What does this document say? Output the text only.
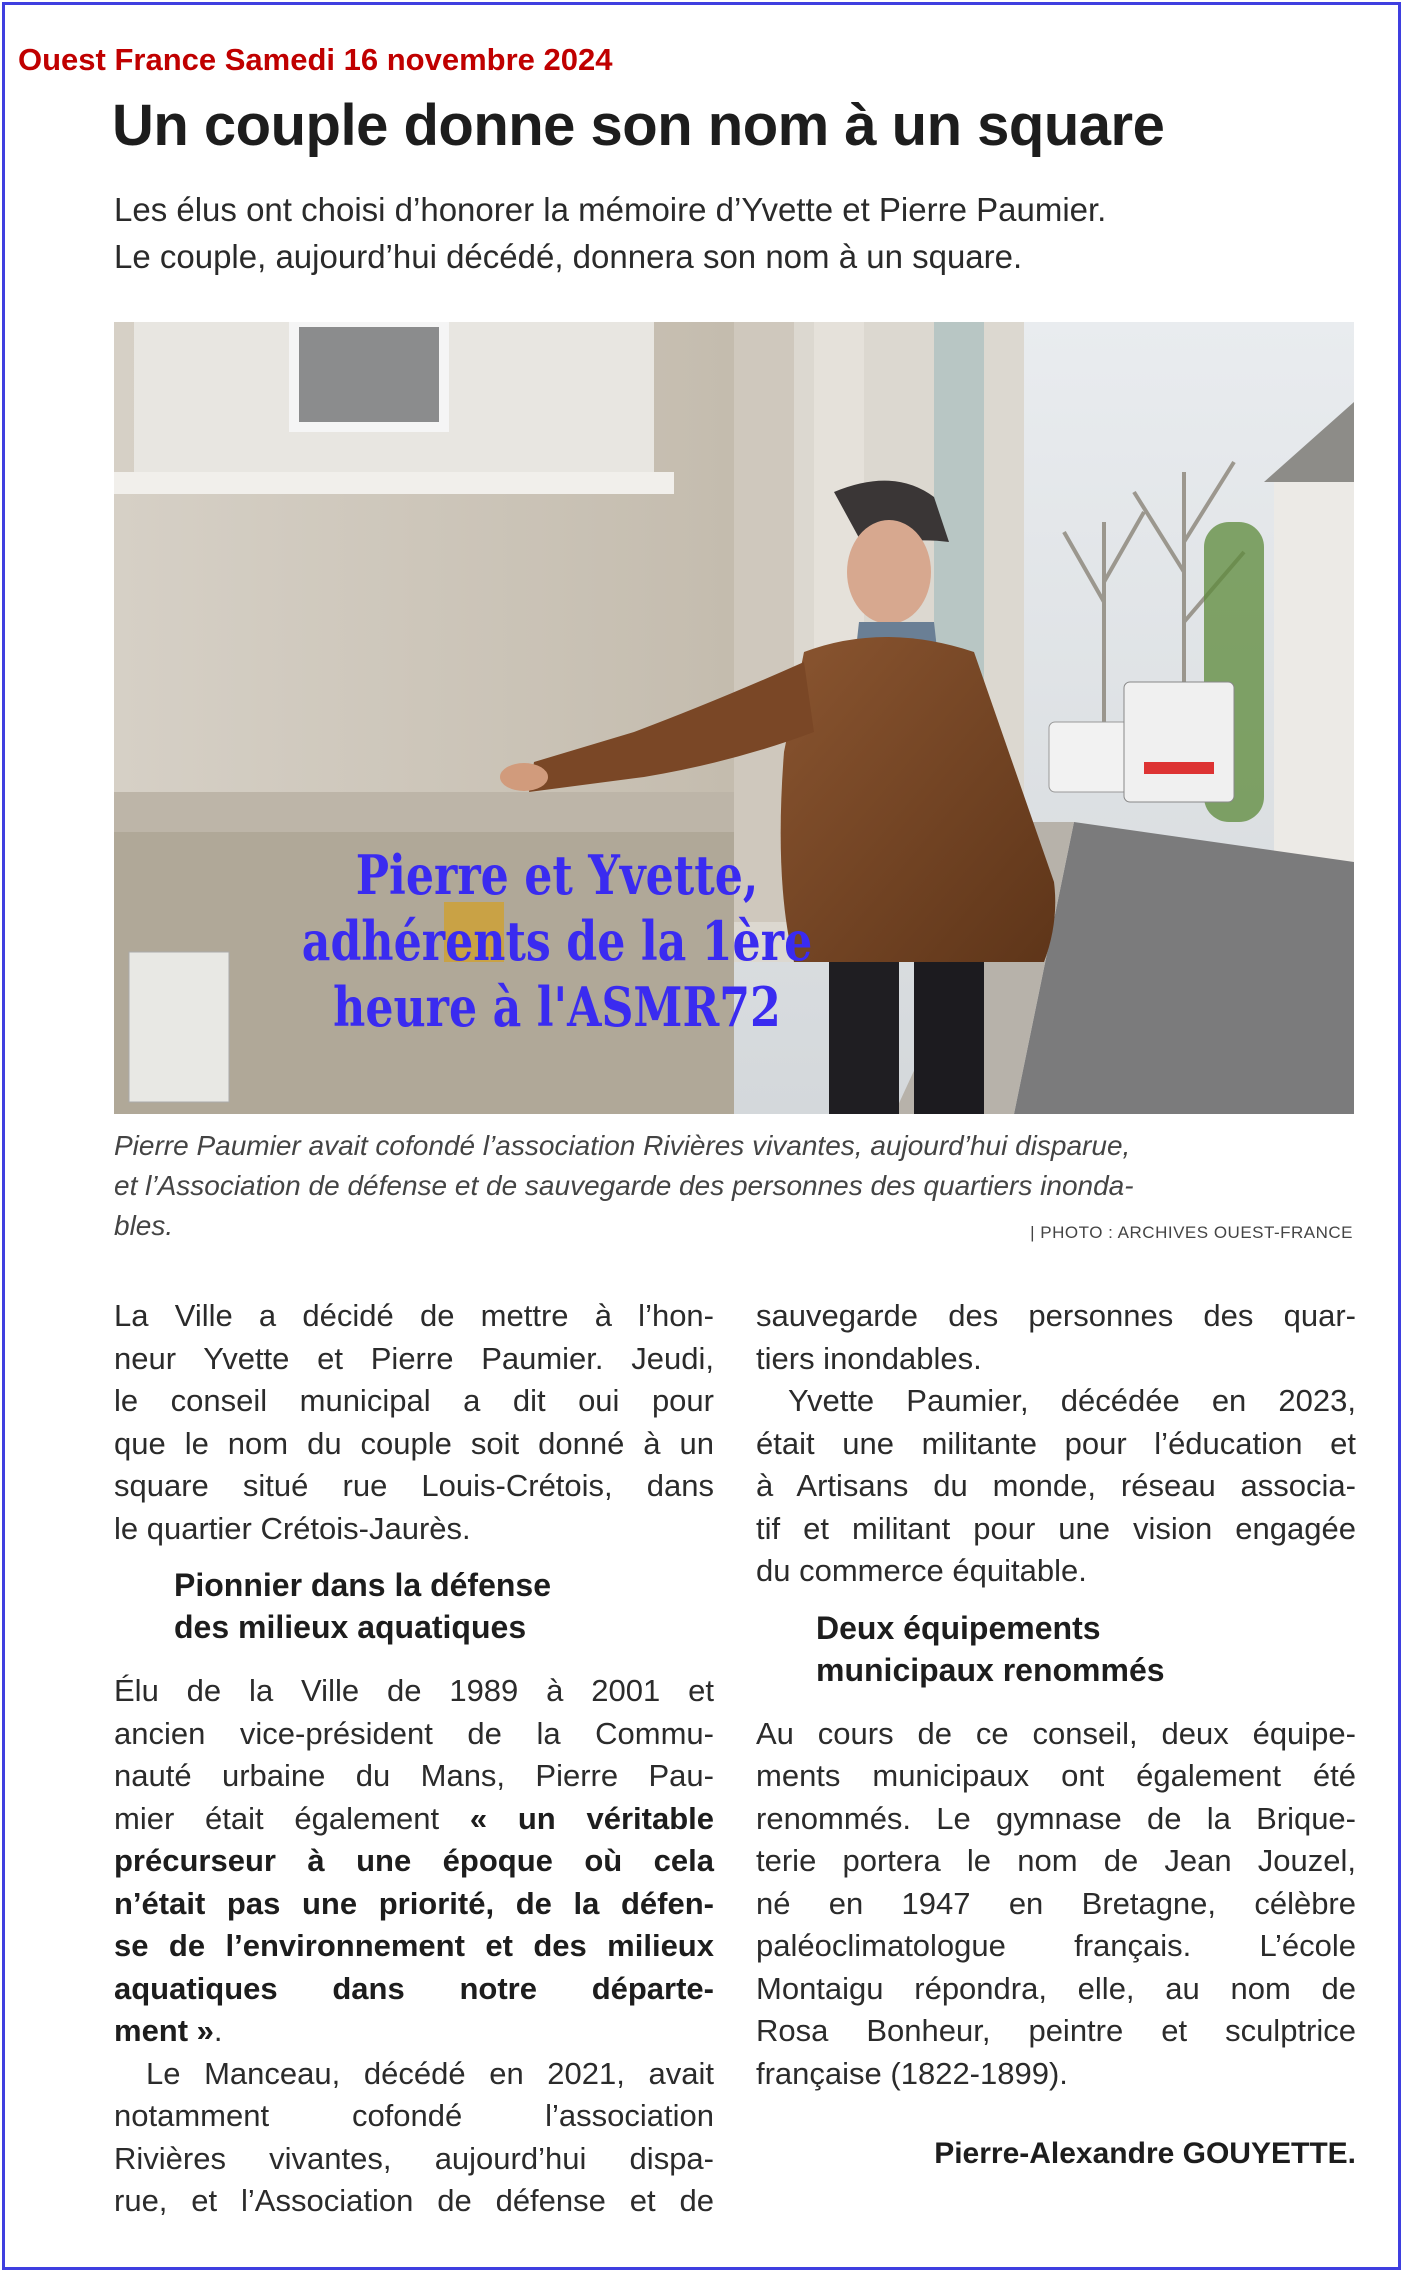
Ouest France Samedi 16 novembre 2024
Un couple donne son nom à un square
Les élus ont choisi d’honorer la mémoire d’Yvette et Pierre Paumier.
Le couple, aujourd’hui décédé, donnera son nom à un square.
Pierre et Yvette,
adhérents de la 1ère
heure à l'ASMR72
Pierre Paumier avait cofondé l’association Rivières vivantes, aujourd’hui disparue,
et l’Association de défense et de sauvegarde des personnes des quartiers inonda-
bles.	| PHOTO : ARCHIVES OUEST-FRANCE
La Ville a décidé de mettre à l’hon-
neur Yvette et Pierre Paumier. Jeudi,
le conseil municipal a dit oui pour
que le nom du couple soit donné à un
square situé rue Louis-Crétois, dans
le quartier Crétois-Jaurès.
Pionnier dans la défense
des milieux aquatiques
Élu de la Ville de 1989 à 2001 et
ancien vice-président de la Commu-
nauté urbaine du Mans, Pierre Pau-
mier était également « un véritable
précurseur à une époque où cela
n’était pas une priorité, de la défen-
se de l’environnement et des milieux
aquatiques dans notre départe-
ment ».
Le Manceau, décédé en 2021, avait
notamment cofondé l’association
Rivières vivantes, aujourd’hui dispa-
rue, et l’Association de défense et de
sauvegarde des personnes des quar-
tiers inondables.
Yvette Paumier, décédée en 2023,
était une militante pour l’éducation et
à Artisans du monde, réseau associa-
tif et militant pour une vision engagée
du commerce équitable.
Deux équipements
municipaux renommés
Au cours de ce conseil, deux équipe-
ments municipaux ont également été
renommés. Le gymnase de la Brique-
terie portera le nom de Jean Jouzel,
né en 1947 en Bretagne, célèbre
paléoclimatologue français. L’école
Montaigu répondra, elle, au nom de
Rosa Bonheur, peintre et sculptrice
française (1822-1899).
Pierre-Alexandre GOUYETTE.
